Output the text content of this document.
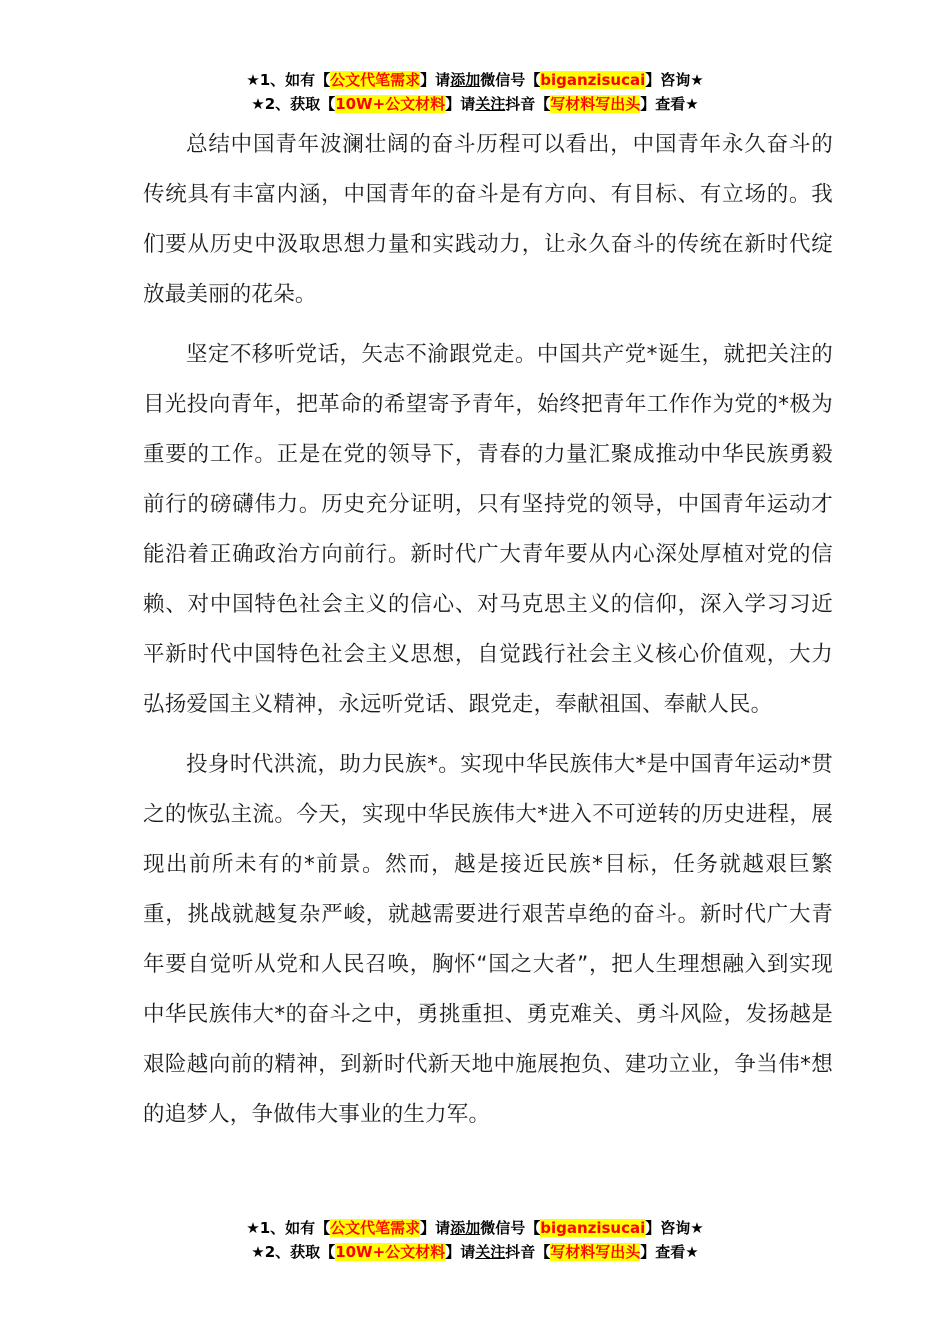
★1、如有【公文代笔需求】请添加微信号【biganzisucai】咨询★
★2、获取【10W+公文材料】请关注抖音【写材料写出头】查看★

总结中国青年波澜壮阔的奋斗历程可以看出，中国青年永久奋斗的传统具有丰富内涵，中国青年的奋斗是有方向、有目标、有立场的。我们要从历史中汲取思想力量和实践动力，让永久奋斗的传统在新时代绽放最美丽的花朵。

坚定不移听党话，矢志不渝跟党走。中国共产党*诞生，就把关注的目光投向青年，把革命的希望寄予青年，始终把青年工作作为党的*极为重要的工作。正是在党的领导下，青春的力量汇聚成推动中华民族勇毅前行的磅礴伟力。历史充分证明，只有坚持党的领导，中国青年运动才能沿着正确政治方向前行。新时代广大青年要从内心深处厚植对党的信赖、对中国特色社会主义的信心、对马克思主义的信仰，深入学习习近平新时代中国特色社会主义思想，自觉践行社会主义核心价值观，大力弘扬爱国主义精神，永远听党话、跟党走，奉献祖国、奉献人民。

投身时代洪流，助力民族*。实现中华民族伟大*是中国青年运动*贯之的恢弘主流。今天，实现中华民族伟大*进入不可逆转的历史进程，展现出前所未有的*前景。然而，越是接近民族*目标，任务就越艰巨繁重，挑战就越复杂严峻，就越需要进行艰苦卓绝的奋斗。新时代广大青年要自觉听从党和人民召唤，胸怀“国之大者”，把人生理想融入到实现中华民族伟大*的奋斗之中，勇挑重担、勇克难关、勇斗风险，发扬越是艰险越向前的精神，到新时代新天地中施展抱负、建功立业，争当伟*想的追梦人，争做伟大事业的生力军。

★1、如有【公文代笔需求】请添加微信号【biganzisucai】咨询★
★2、获取【10W+公文材料】请关注抖音【写材料写出头】查看★
